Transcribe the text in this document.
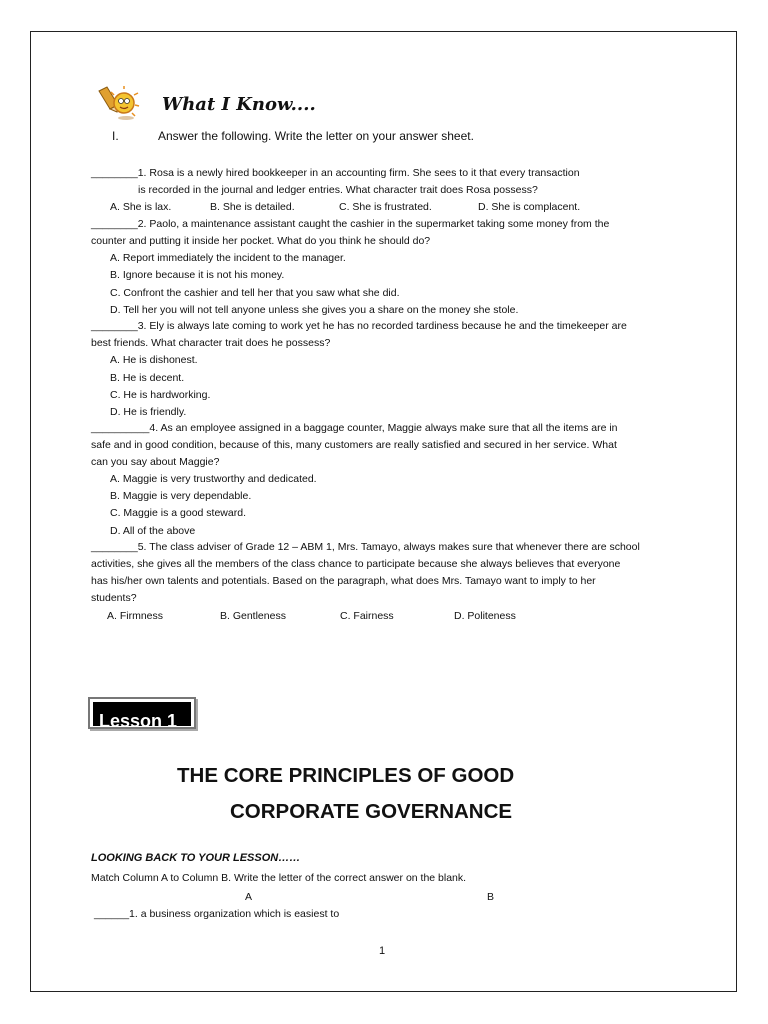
What I Know....
I.	Answer the following. Write the letter on your answer sheet.
________1. Rosa is a newly hired bookkeeper in an accounting firm. She sees to it that every transaction
is recorded in the journal and ledger entries. What character trait does Rosa possess?
A. She is lax.	B. She is detailed.	C. She is frustrated.	D. She is complacent.
________2. Paolo, a maintenance assistant caught the cashier in the supermarket taking some money from the
counter and putting it inside her pocket. What do you think he should do?
A. Report immediately the incident to the manager.
B. Ignore because it is not his money.
C. Confront the cashier and tell her that you saw what she did.
D. Tell her you will not tell anyone unless she gives you a share on the money she stole.
________3. Ely is always late coming to work yet he has no recorded tardiness because he and the timekeeper are
best friends. What character trait does he possess?
A. He is dishonest.
B. He is decent.
C. He is hardworking.
D. He is friendly.
__________4. As an employee assigned in a baggage counter, Maggie always make sure that all the items are in
safe and in good condition, because of this, many customers are really satisfied and secured in her service. What
can you say about Maggie?
A. Maggie is very trustworthy and dedicated.
B. Maggie is very dependable.
C. Maggie is a good steward.
D. All of the above
________5. The class adviser of Grade 12 – ABM 1, Mrs. Tamayo, always makes sure that whenever there are school
activities, she gives all the members of the class chance to participate because she always believes that everyone
has his/her own talents and potentials. Based on the paragraph, what does Mrs. Tamayo want to imply to her
students?
A. Firmness	B. Gentleness	C. Fairness	D. Politeness
Lesson 1
THE CORE PRINCIPLES OF GOOD
CORPORATE GOVERNANCE
LOOKING BACK TO YOUR LESSON……
Match Column A to Column B. Write the letter of the correct answer on the blank.
A	B
______1. a business organization which is easiest to
1
